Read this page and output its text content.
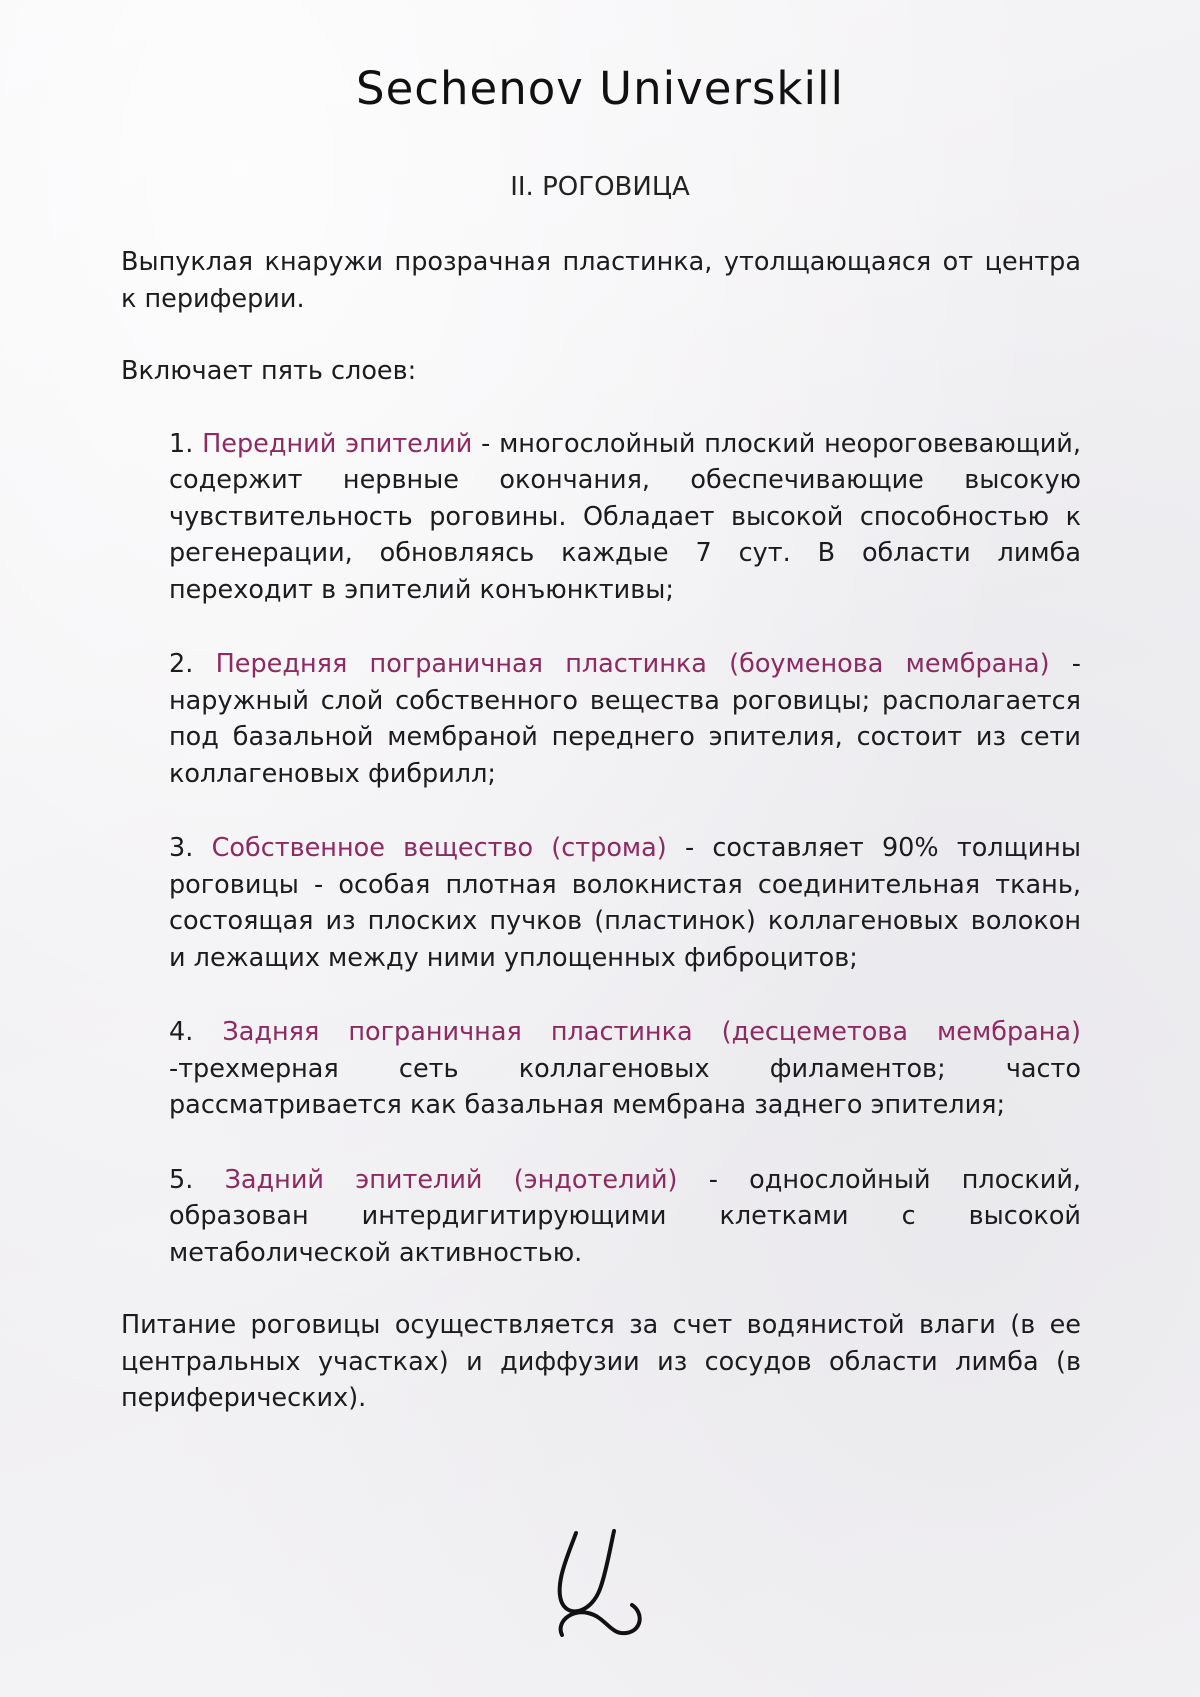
Sechenov Universkill
II. РОГОВИЦА

Выпуклая кнаружи прозрачная пластинка, утолщающаяся от центра к периферии.

Включает пять слоев:

1. Передний эпителий - многослойный плоский неороговевающий, содержит нервные окончания, обеспечивающие высокую чувствительность роговины. Обладает высокой способностью к регенерации, обновляясь каждые 7 сут. В области лимба переходит в эпителий конъюнктивы;
2. Передняя пограничная пластинка (боуменова мембрана) - наружный слой собственного вещества роговицы; располагается под базальной мембраной переднего эпителия, состоит из сети коллагеновых фибрилл;
3. Собственное вещество (строма) - составляет 90% толщины роговицы - особая плотная волокнистая соединительная ткань, состоящая из плоских пучков (пластинок) коллагеновых волокон и лежащих между ними уплощенных фиброцитов;
4. Задняя пограничная пластинка (десцеметова мембрана) -трехмерная сеть коллагеновых филаментов; часто рассматривается как базальная мембрана заднего эпителия;
5. Задний эпителий (эндотелий) - однослойный плоский, образован интердигитирующими клетками с высокой метаболической активностью.

Питание роговицы осуществляется за счет водянистой влаги (в ее центральных участках) и диффузии из сосудов области лимба (в периферических).
